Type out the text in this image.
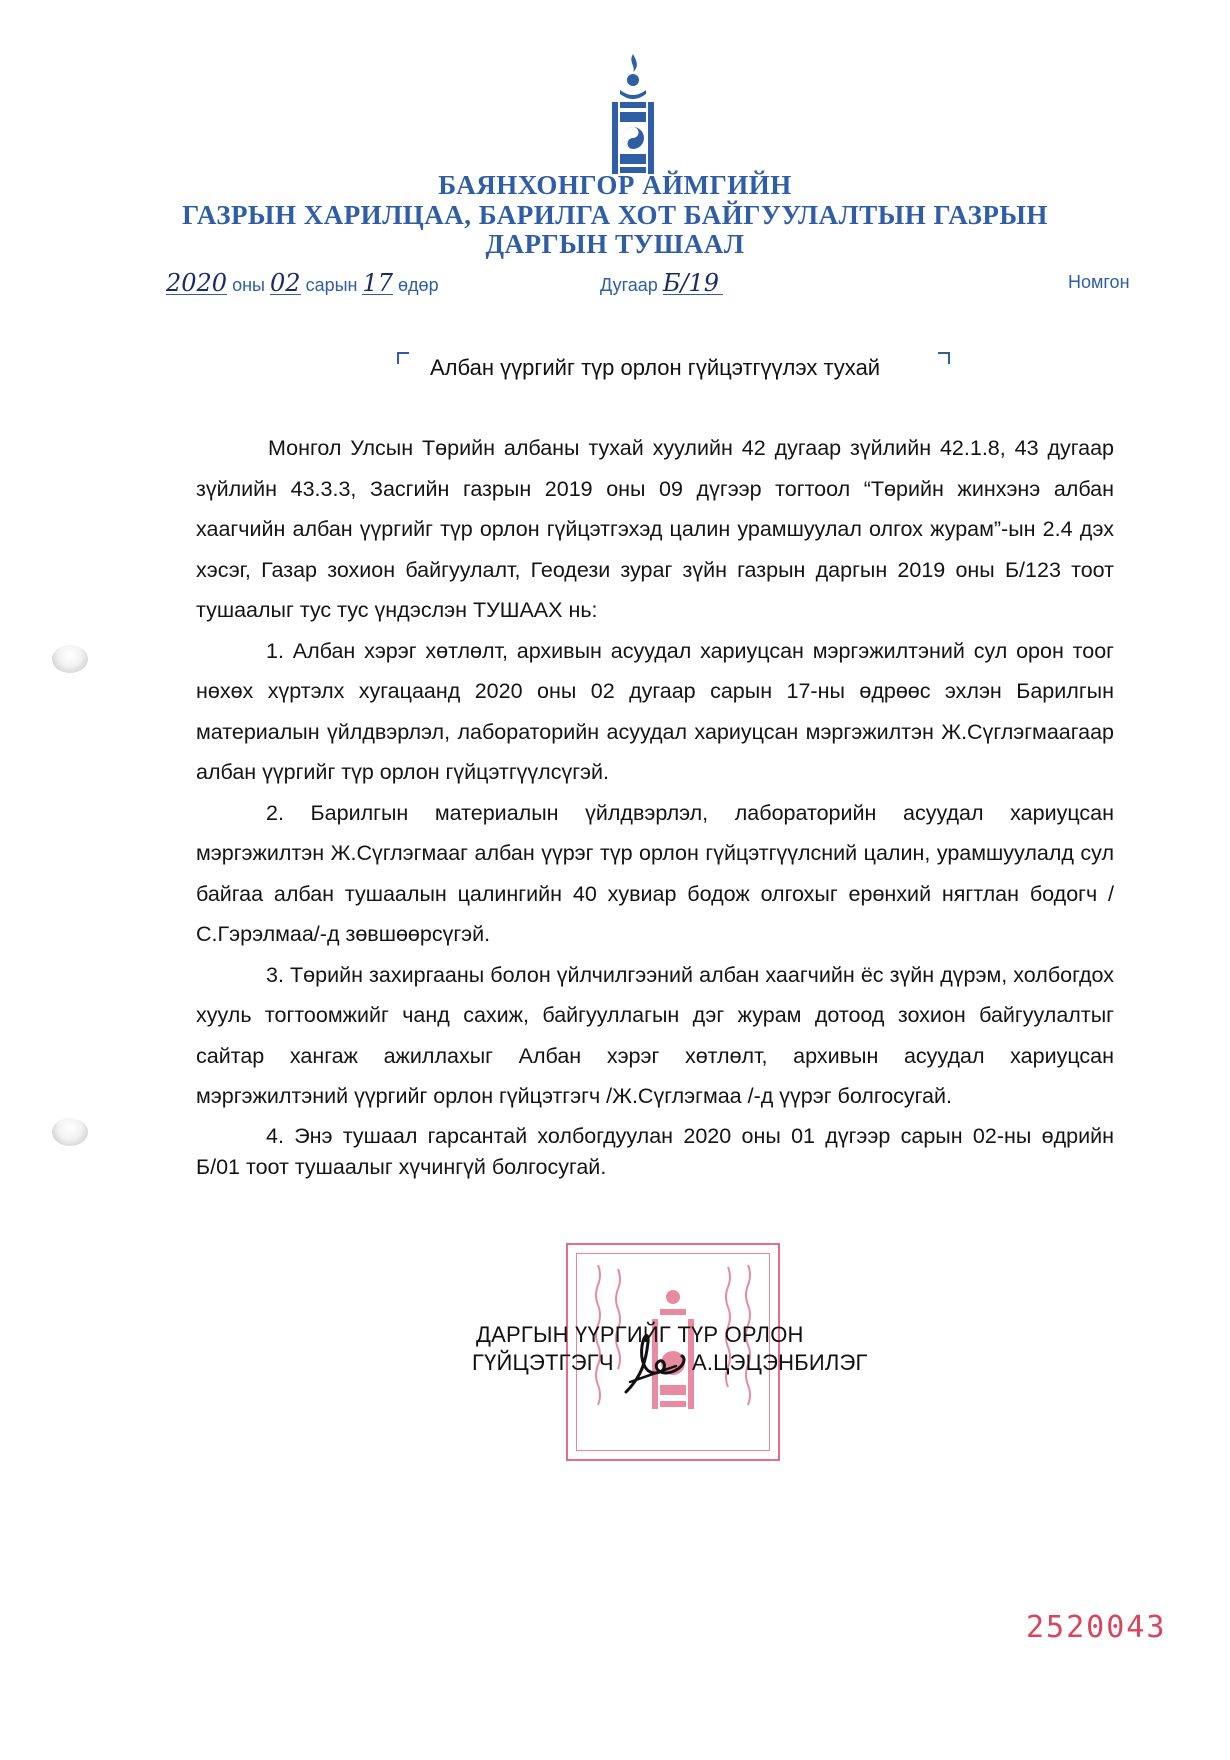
БАЯНХОНГОР АЙМГИЙН
ГАЗРЫН ХАРИЛЦАА, БАРИЛГА ХОТ БАЙГУУЛАЛТЫН ГАЗРЫН
ДАРГЫН ТУШААЛ
2020 оны 02 сарын 17 өдөр	Дугаар Б/19	Номгон
Албан үүргийг түр орлон гүйцэтгүүлэх тухай

Монгол Улсын Төрийн албаны тухай хуулийн 42 дугаар зүйлийн 42.1.8, 43 дугаар зүйлийн 43.3.3, Засгийн газрын 2019 оны 09 дүгээр тогтоол “Төрийн жинхэнэ албан хаагчийн албан үүргийг түр орлон гүйцэтгэхэд цалин урамшуулал олгох журам”-ын 2.4 дэх хэсэг, Газар зохион байгуулалт, Геодези зураг зүйн газрын даргын 2019 оны Б/123 тоот тушаалыг тус тус үндэслэн ТУШААХ нь:

1. Албан хэрэг хөтлөлт, архивын асуудал хариуцсан мэргэжилтэний сул орон тоог нөхөх хүртэлх хугацаанд 2020 оны 02 дугаар сарын 17-ны өдрөөс эхлэн Барилгын материалын үйлдвэрлэл, лабораторийн асуудал хариуцсан мэргэжилтэн Ж.Сүглэгмаагаар албан үүргийг түр орлон гүйцэтгүүлсүгэй.

2. Барилгын материалын үйлдвэрлэл, лабораторийн асуудал хариуцсан мэргэжилтэн Ж.Сүглэгмааг албан үүрэг түр орлон гүйцэтгүүлсний цалин, урамшуулалд сул байгаа албан тушаалын цалингийн 40 хувиар бодож олгохыг ерөнхий нягтлан бодогч /С.Гэрэлмаа/-д зөвшөөрсүгэй.

3. Төрийн захиргааны болон үйлчилгээний албан хаагчийн ёс зүйн дүрэм, холбогдох хууль тогтоомжийг чанд сахиж, байгууллагын дэг журам дотоод зохион байгуулалтыг сайтар хангаж ажиллахыг Албан хэрэг хөтлөлт, архивын асуудал хариуцсан мэргэжилтэний үүргийг орлон гүйцэтгэгч /Ж.Сүглэгмаа /-д үүрэг болгосугай.

4. Энэ тушаал гарсантай холбогдуулан 2020 оны 01 дүгээр сарын 02-ны өдрийн Б/01 тоот тушаалыг хүчингүй болгосугай.

ДАРГЫН ҮҮРГИЙГ ТҮР ОРЛОН
ГҮЙЦЭТГЭГЧ	А.ЦЭЦЭНБИЛЭГ
2520043
